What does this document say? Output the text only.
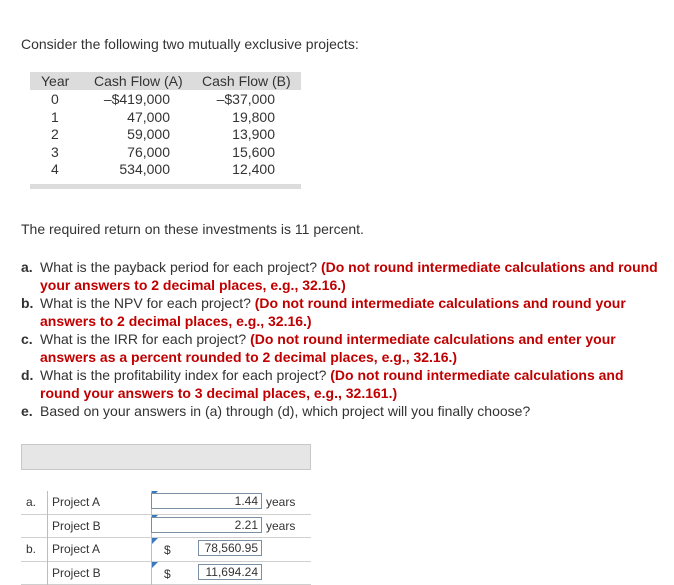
Consider the following two mutually exclusive projects:
Year Cash Flow (A) Cash Flow (B)
0	–$419,000	–$37,000
1	47,000	19,800
2	59,000	13,900
3	76,000	15,600
4	534,000	12,400
The required return on these investments is 11 percent.
a. What is the payback period for each project? (Do not round intermediate calculations and round your answers to 2 decimal places, e.g., 32.16.)
b. What is the NPV for each project? (Do not round intermediate calculations and round your answers to 2 decimal places, e.g., 32.16.)
c. What is the IRR for each project? (Do not round intermediate calculations and enter your answers as a percent rounded to 2 decimal places, e.g., 32.16.)
d. What is the profitability index for each project? (Do not round intermediate calculations and round your answers to 3 decimal places, e.g., 32.161.)
e. Based on your answers in (a) through (d), which project will you finally choose?
a. Project A	1.44 years
Project B	2.21 years
b. Project A	$	78,560.95
Project B	$	11,694.24
